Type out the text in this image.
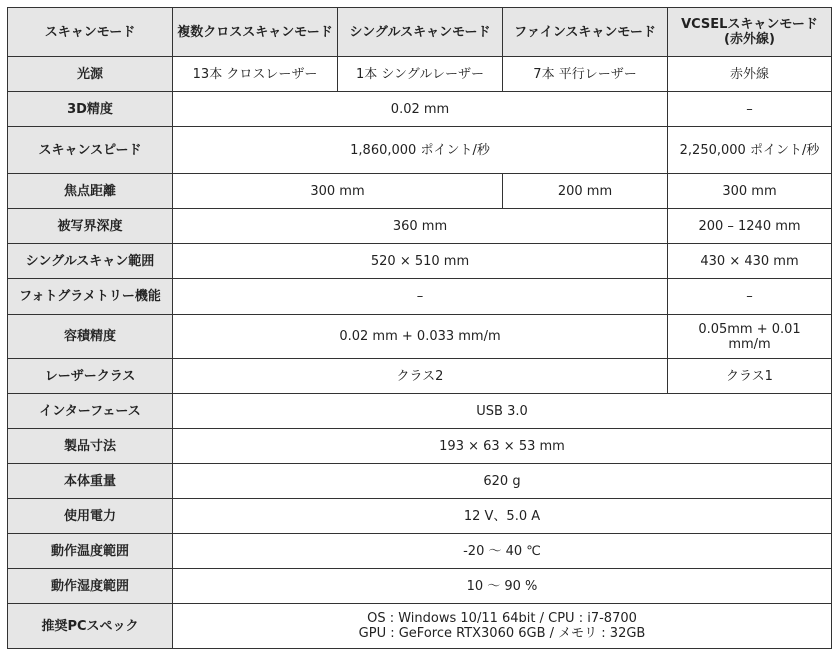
スキャンモード	複数クロススキャンモード	シングルスキャンモード	ファインスキャンモード	VCSELスキャンモード
(赤外線)
光源	13本 クロスレーザー	1本 シングルレーザー	7本 平行レーザー	赤外線
3D精度	0.02 mm			–
スキャンスピード	1,860,000 ポイント/秒			2,250,000 ポイント/秒
焦点距離	300 mm		200 mm	300 mm
被写界深度	360 mm			200 – 1240 mm
シングルスキャン範囲	520 × 510 mm			430 × 430 mm
フォトグラメトリー機能	–			–
容積精度	0.02 mm + 0.033 mm/m			0.05mm + 0.01
mm/m
レーザークラス	クラス2			クラス1
インターフェース	USB 3.0			
製品寸法	193 × 63 × 53 mm			
本体重量	620 g			
使用電力	12 V、5.0 A			
動作温度範囲	-20 ～ 40 ℃			
動作湿度範囲	10 ～ 90 %			
推奨PCスペック	OS : Windows 10/11 64bit / CPU : i7-8700
GPU : GeForce RTX3060 6GB / メモリ : 32GB			
